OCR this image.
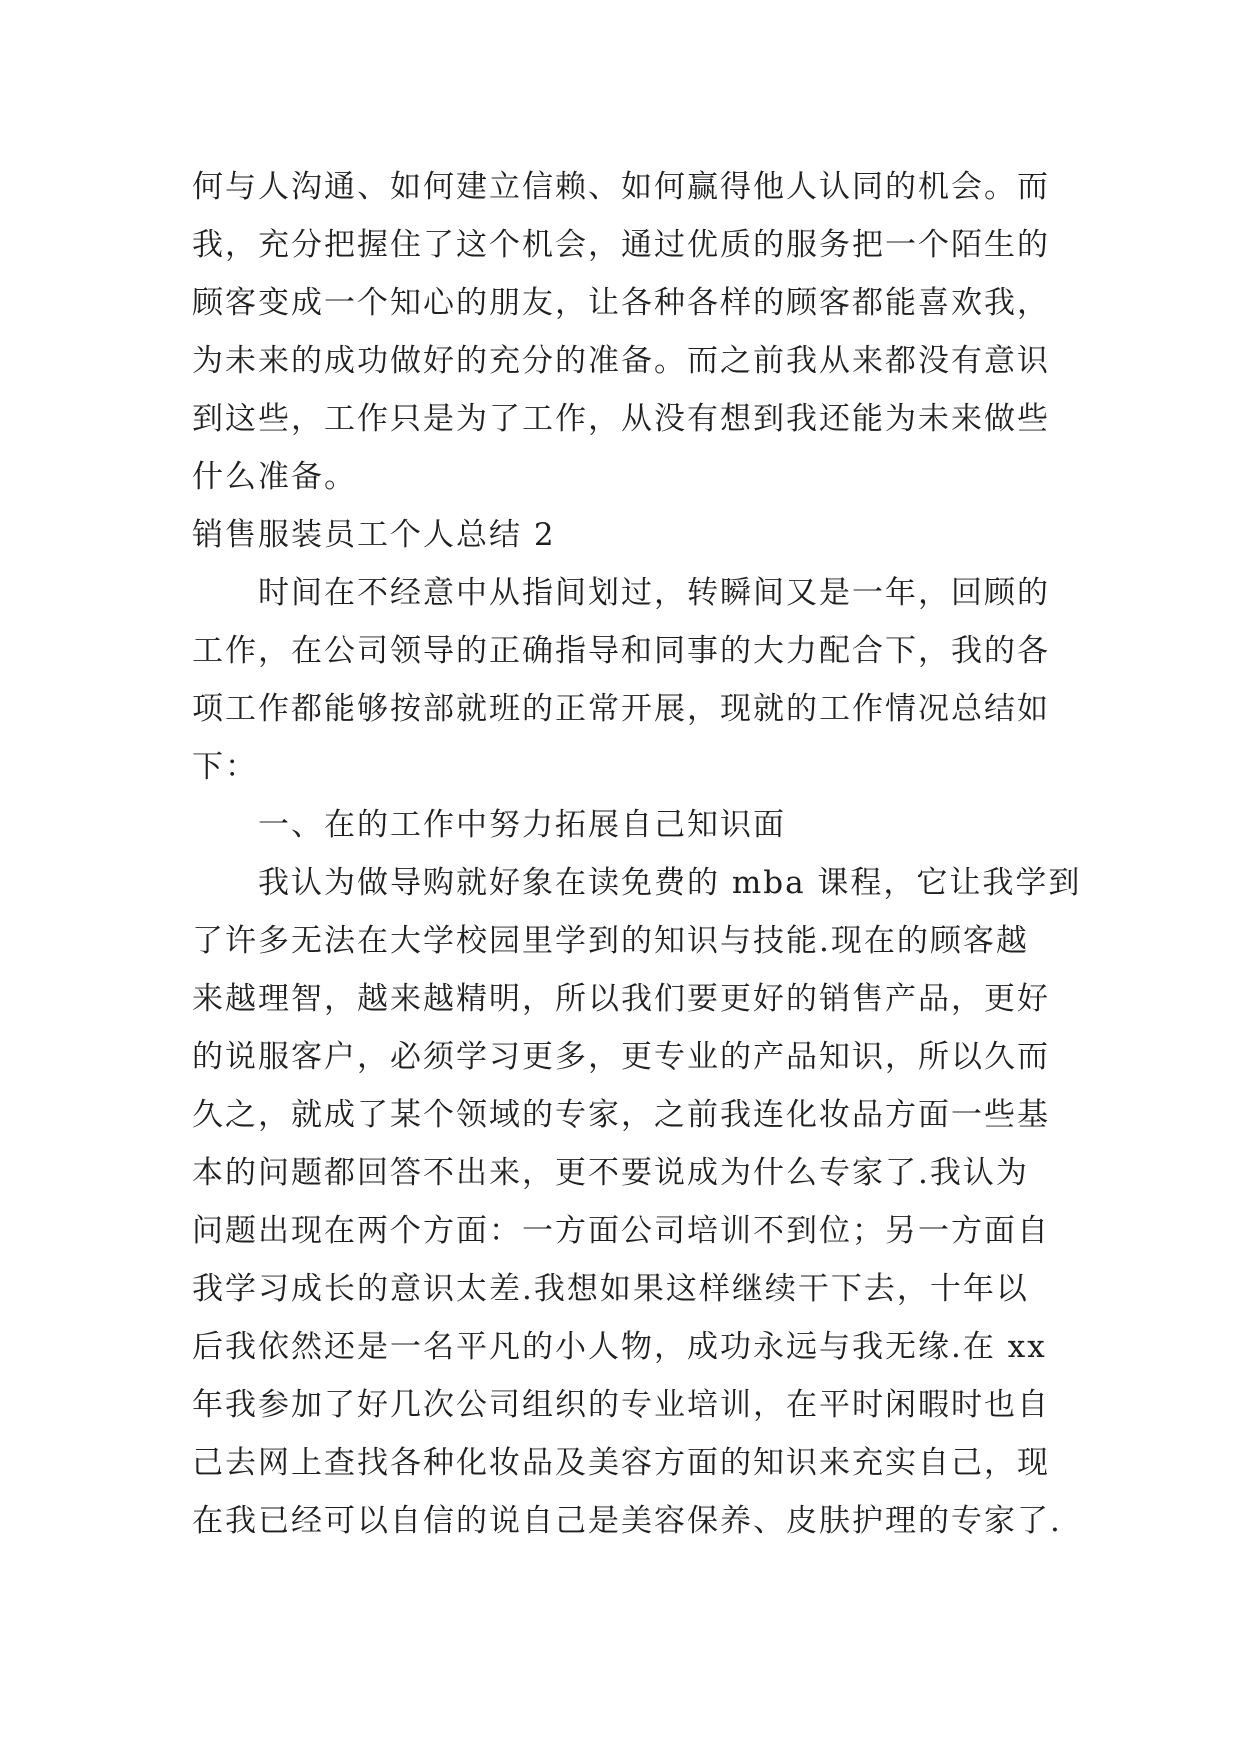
何与人沟通、如何建立信赖、如何赢得他人认同的机会。而
我，充分把握住了这个机会，通过优质的服务把一个陌生的
顾客变成一个知心的朋友，让各种各样的顾客都能喜欢我，
为未来的成功做好的充分的准备。而之前我从来都没有意识
到这些，工作只是为了工作，从没有想到我还能为未来做些
什么准备。
销售服装员工个人总结 2
时间在不经意中从指间划过，转瞬间又是一年，回顾的
工作，在公司领导的正确指导和同事的大力配合下，我的各
项工作都能够按部就班的正常开展，现就的工作情况总结如
下：
一、在的工作中努力拓展自己知识面
我认为做导购就好象在读免费的 mba 课程，它让我学到
了许多无法在大学校园里学到的知识与技能.现在的顾客越
来越理智，越来越精明，所以我们要更好的销售产品，更好
的说服客户，必须学习更多，更专业的产品知识，所以久而
久之，就成了某个领域的专家，之前我连化妆品方面一些基
本的问题都回答不出来，更不要说成为什么专家了.我认为
问题出现在两个方面：一方面公司培训不到位；另一方面自
我学习成长的意识太差.我想如果这样继续干下去，十年以
后我依然还是一名平凡的小人物，成功永远与我无缘.在 xx
年我参加了好几次公司组织的专业培训，在平时闲暇时也自
己去网上查找各种化妆品及美容方面的知识来充实自己，现
在我已经可以自信的说自己是美容保养、皮肤护理的专家了.
